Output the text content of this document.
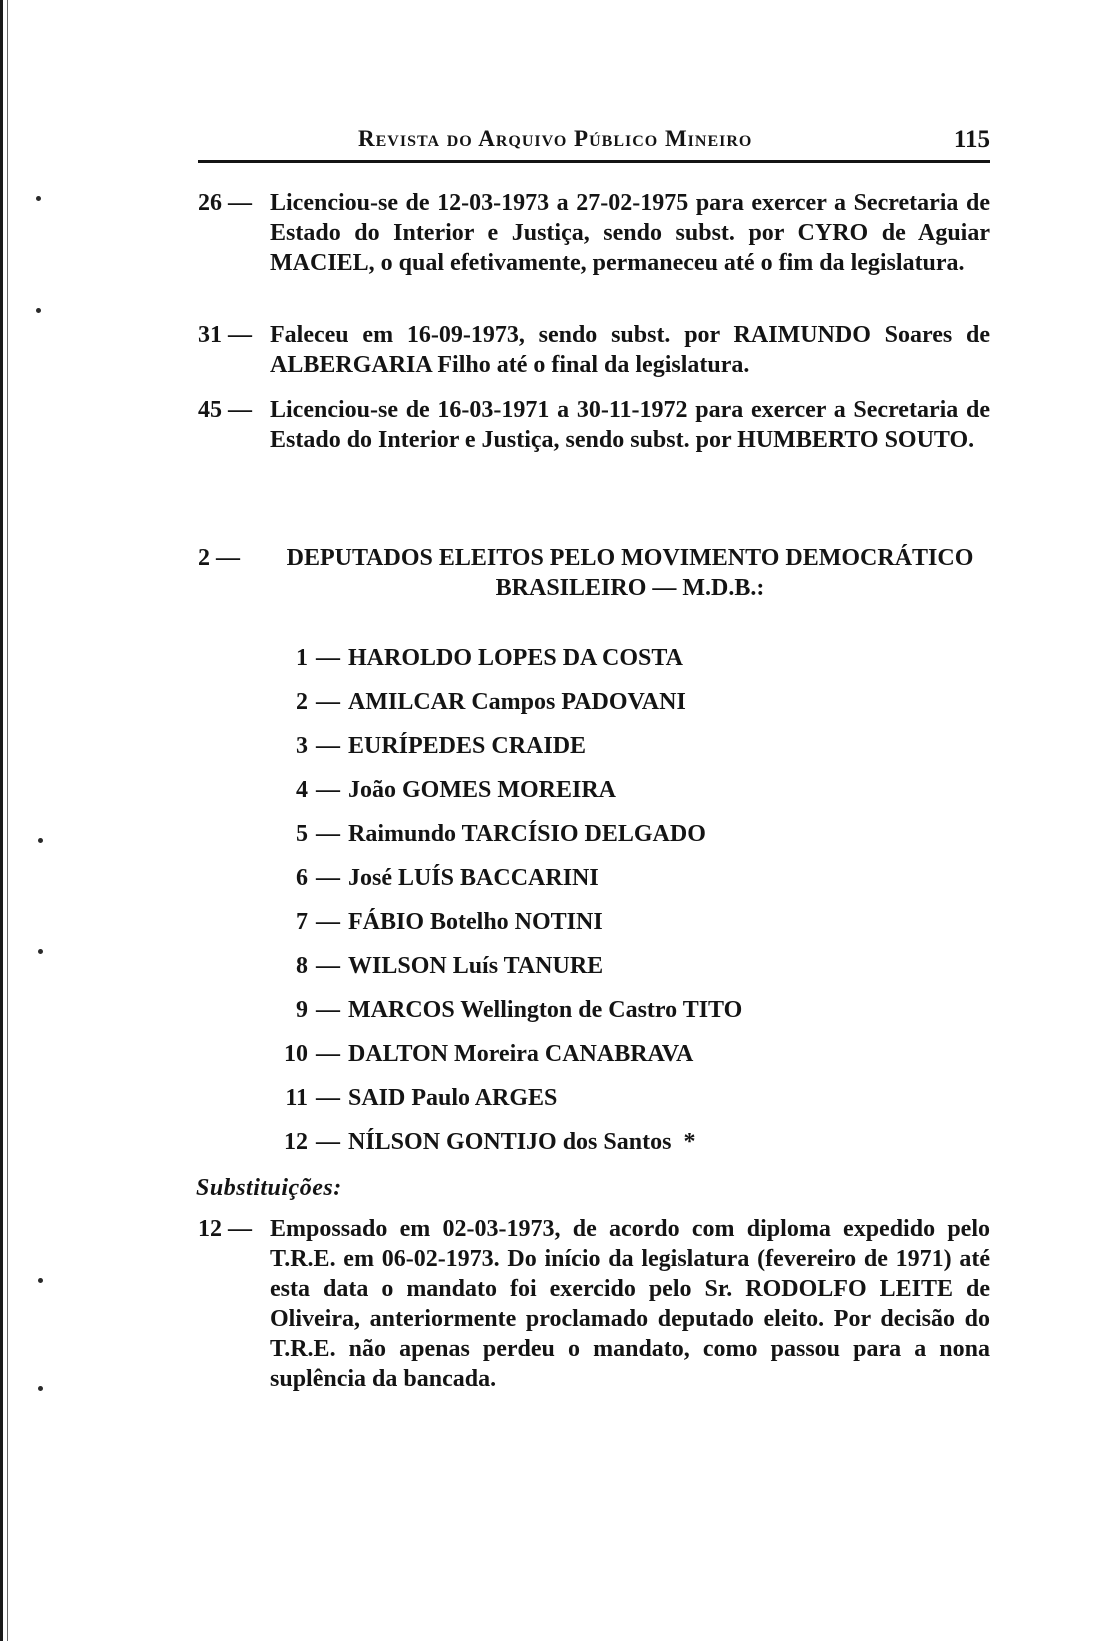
Revista do Arquivo Público Mineiro	115
26 — Licenciou-se de 12-03-1973 a 27-02-1975 para exercer a Secretaria de Estado do Interior e Justiça, sendo subst. por CYRO de Aguiar MACIEL, o qual efetivamente, permaneceu até o fim da legislatura.
31 — Faleceu em 16-09-1973, sendo subst. por RAIMUNDO Soares de ALBERGARIA Filho até o final da legislatura.
45 — Licenciou-se de 16-03-1971 a 30-11-1972 para exercer a Secretaria de Estado do Interior e Justiça, sendo subst. por HUMBERTO SOUTO.
2 —	DEPUTADOS ELEITOS PELO MOVIMENTO DEMOCRÁTICO BRASILEIRO — M.D.B.:
1 — HAROLDO LOPES DA COSTA
2 — AMILCAR Campos PADOVANI
3 — EURÍPEDES CRAIDE
4 — João GOMES MOREIRA
5 — Raimundo TARCÍSIO DELGADO
6 — José LUÍS BACCARINI
7 — FÁBIO Botelho NOTINI
8 — WILSON Luís TANURE
9 — MARCOS Wellington de Castro TITO
10 — DALTON Moreira CANABRAVA
11 — SAID Paulo ARGES
12 — NÍLSON GONTIJO dos Santos *
Substituições:
12 — Empossado em 02-03-1973, de acordo com diploma expedido pelo T.R.E. em 06-02-1973. Do início da legislatura (fevereiro de 1971) até esta data o mandato foi exercido pelo Sr. RODOLFO LEITE de Oliveira, anteriormente proclamado deputado eleito. Por decisão do T.R.E. não apenas perdeu o mandato, como passou para a nona suplência da bancada.
